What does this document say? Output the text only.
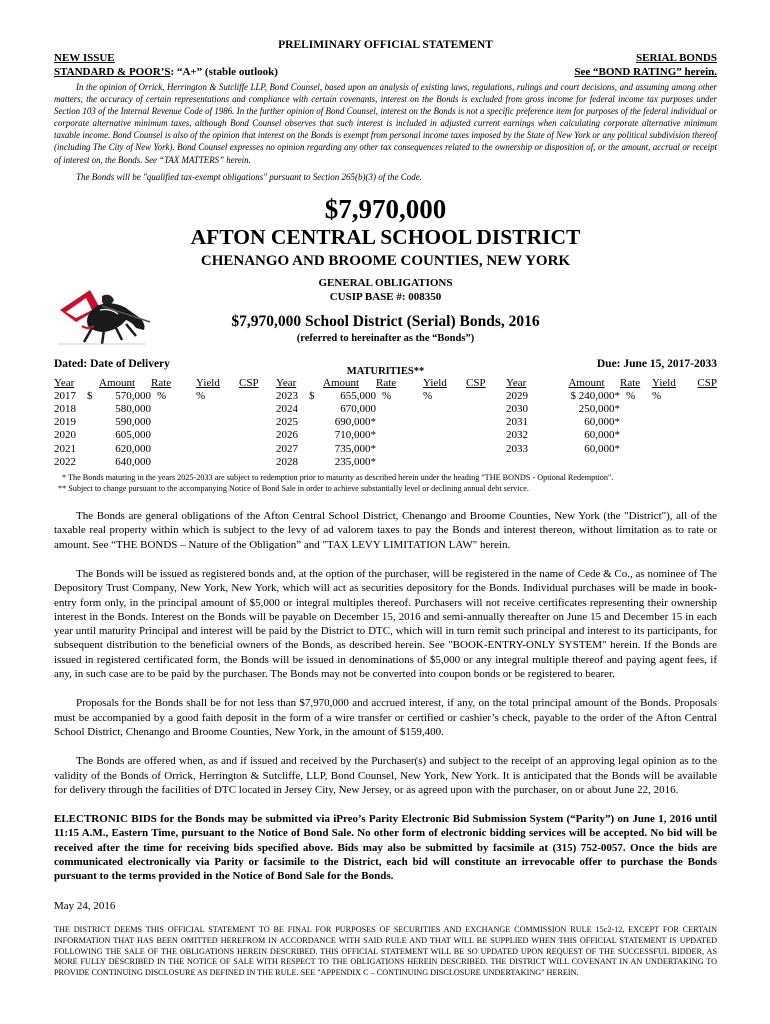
PRELIMINARY OFFICIAL STATEMENT
NEW ISSUE	SERIAL BONDS
STANDARD & POOR’S: “A+” (stable outlook)	See “BOND RATING” herein.

In the opinion of Orrick, Herrington & Sutcliffe LLP, Bond Counsel, based upon an analysis of existing laws, regulations, rulings and court decisions, and assuming among other matters, the accuracy of certain representations and compliance with certain covenants, interest on the Bonds is excluded from gross income for federal income tax purposes under Section 103 of the Internal Revenue Code of 1986. In the further opinion of Bond Counsel, interest on the Bonds is not a specific preference item for purposes of the federal individual or corporate alternative minimum taxes, although Bond Counsel observes that such interest is included in adjusted current earnings when calculating corporate alternative minimum taxable income. Bond Counsel is also of the opinion that interest on the Bonds is exempt from personal income taxes imposed by the State of New York or any political subdivision thereof (including The City of New York). Bond Counsel expresses no opinion regarding any other tax consequences related to the ownership or disposition of, or the amount, accrual or receipt of interest on, the Bonds. See “TAX MATTERS” herein.

The Bonds will be "qualified tax-exempt obligations" pursuant to Section 265(b)(3) of the Code.
$7,970,000
AFTON CENTRAL SCHOOL DISTRICT
CHENANGO AND BROOME COUNTIES, NEW YORK
GENERAL OBLIGATIONS
CUSIP BASE #: 008350
$7,970,000 School District (Serial) Bonds, 2016
(referred to hereinafter as the “Bonds”)
Dated: Date of Delivery	Due: June 15, 2017-2033
MATURITIES**
Year		Amount	Rate	Yield	CSP	Year		Amount	Rate	Yield	CSP	Year	Amount	Rate	Yield	CSP
2017	$	570,000	%	%		2023	$	655,000	%	%		2029	$ 240,000*	%	%	
2018		580,000				2024		670,000				2030	250,000*			
2019		590,000				2025		690,000*				2031	60,000*			
2020		605,000				2026		710,000*				2032	60,000*			
2021		620,000				2027		735,000*				2033	60,000*			
2022		640,000				2028		235,000*								
* The Bonds maturing in the years 2025-2033 are subject to redemption prior to maturity as described herein under the heading "THE BONDS - Optional Redemption".
** Subject to change pursuant to the accompanying Notice of Bond Sale in order to achieve substantially level or declining annual debt service.

The Bonds are general obligations of the Afton Central School District, Chenango and Broome Counties, New York (the "District"), all of the taxable real property within which is subject to the levy of ad valorem taxes to pay the Bonds and interest thereon, without limitation as to rate or amount. See “THE BONDS – Nature of the Obligation” and "TAX LEVY LIMITATION LAW" herein.

The Bonds will be issued as registered bonds and, at the option of the purchaser, will be registered in the name of Cede & Co., as nominee of The Depository Trust Company, New York, New York, which will act as securities depository for the Bonds. Individual purchases will be made in book-entry form only, in the principal amount of $5,000 or integral multiples thereof. Purchasers will not receive certificates representing their ownership interest in the Bonds. Interest on the Bonds will be payable on December 15, 2016 and semi-annually thereafter on June 15 and December 15 in each year until maturity Principal and interest will be paid by the District to DTC, which will in turn remit such principal and interest to its participants, for subsequent distribution to the beneficial owners of the Bonds, as described herein. See "BOOK-ENTRY-ONLY SYSTEM" herein. If the Bonds are issued in registered certificated form, the Bonds will be issued in denominations of $5,000 or any integral multiple thereof and paying agent fees, if any, in such case are to be paid by the purchaser. The Bonds may not be converted into coupon bonds or be registered to bearer.

Proposals for the Bonds shall be for not less than $7,970,000 and accrued interest, if any, on the total principal amount of the Bonds. Proposals must be accompanied by a good faith deposit in the form of a wire transfer or certified or cashier’s check, payable to the order of the Afton Central School District, Chenango and Broome Counties, New York, in the amount of $159,400.

The Bonds are offered when, as and if issued and received by the Purchaser(s) and subject to the receipt of an approving legal opinion as to the validity of the Bonds of Orrick, Herrington & Sutcliffe, LLP, Bond Counsel, New York, New York. It is anticipated that the Bonds will be available for delivery through the facilities of DTC located in Jersey City, New Jersey, or as agreed upon with the purchaser, on or about June 22, 2016.

ELECTRONIC BIDS for the Bonds may be submitted via iPreo’s Parity Electronic Bid Submission System (“Parity”) on June 1, 2016 until 11:15 A.M., Eastern Time, pursuant to the Notice of Bond Sale. No other form of electronic bidding services will be accepted. No bid will be received after the time for receiving bids specified above. Bids may also be submitted by facsimile at (315) 752-0057. Once the bids are communicated electronically via Parity or facsimile to the District, each bid will constitute an irrevocable offer to purchase the Bonds pursuant to the terms provided in the Notice of Bond Sale for the Bonds.

May 24, 2016

THE DISTRICT DEEMS THIS OFFICIAL STATEMENT TO BE FINAL FOR PURPOSES OF SECURITIES AND EXCHANGE COMMISSION RULE 15c2-12, EXCEPT FOR CERTAIN INFORMATION THAT HAS BEEN OMITTED HEREFROM IN ACCORDANCE WITH SAID RULE AND THAT WILL BE SUPPLIED WHEN THIS OFFICIAL STATEMENT IS UPDATED FOLLOWING THE SALE OF THE OBLIGATIONS HEREIN DESCRIBED. THIS OFFICIAL STATEMENT WILL BE SO UPDATED UPON REQUEST OF THE SUCCESSFUL BIDDER, AS MORE FULLY DESCRIBED IN THE NOTICE OF SALE WITH RESPECT TO THE OBLIGATIONS HEREIN DESCRIBED. THE DISTRICT WILL COVENANT IN AN UNDERTAKING TO PROVIDE CONTINUING DISCLOSURE AS DEFINED IN THE RULE. SEE "APPENDIX C – CONTINUING DISCLOSURE UNDERTAKING" HEREIN.
